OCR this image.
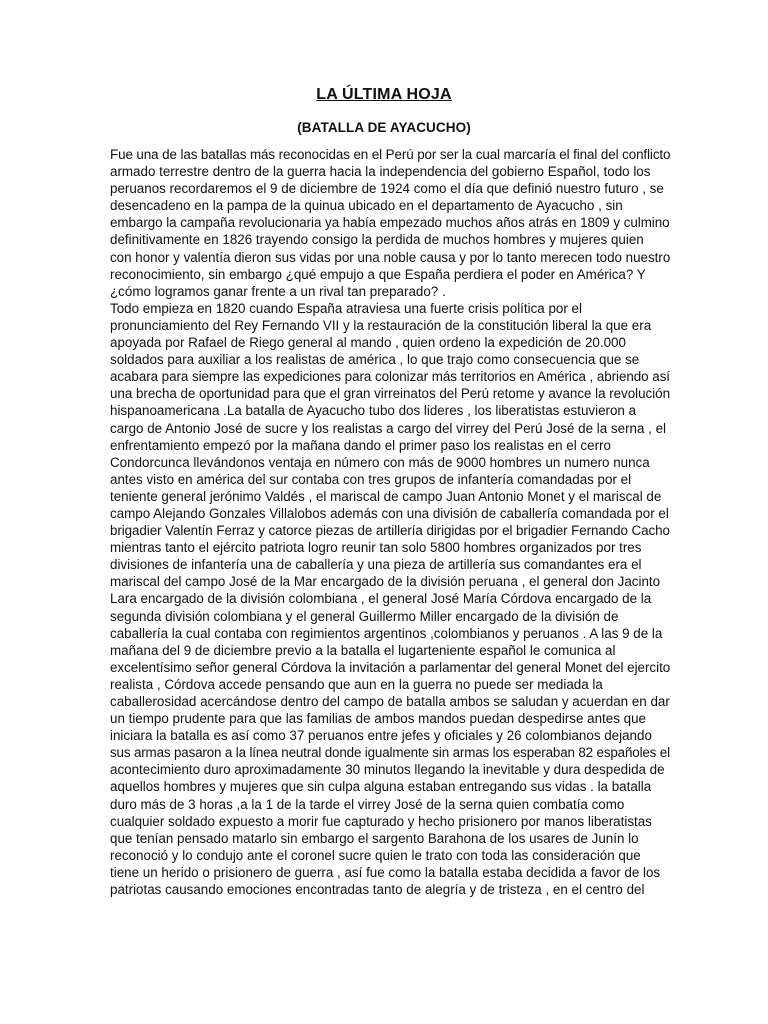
LA ÚLTIMA HOJA
(BATALLA DE AYACUCHO)
Fue una de las batallas más reconocidas en el Perú por ser la cual marcaría el final del conflicto
armado terrestre dentro de la guerra hacia la independencia del gobierno Español, todo los
peruanos recordaremos el 9 de diciembre de 1924 como el día que definió nuestro futuro , se
desencadeno en la pampa de la quinua ubicado en el departamento de Ayacucho , sin
embargo la campaña revolucionaria ya había empezado muchos años atrás en 1809 y culmino
definitivamente en 1826 trayendo consigo la perdida de muchos hombres y mujeres quien
con honor y valentía dieron sus vidas por una noble causa y por lo tanto merecen todo nuestro
reconocimiento, sin embargo ¿qué empujo a que España perdiera el poder en América? Y
¿cómo logramos ganar frente a un rival tan preparado? .
Todo empieza en 1820 cuando España atraviesa una fuerte crisis política por el
pronunciamiento del Rey Fernando VII y la restauración de la constitución liberal la que era
apoyada por Rafael de Riego general al mando , quien ordeno la expedición de 20.000
soldados para auxiliar a los realistas de américa , lo que trajo como consecuencia que se
acabara para siempre las expediciones para colonizar más territorios en América , abriendo así
una brecha de oportunidad para que el gran virreinatos del Perú retome y avance la revolución
hispanoamericana .La batalla de Ayacucho tubo dos lideres , los liberatistas estuvieron a
cargo de Antonio José de sucre y los realistas a cargo del virrey del Perú José de la serna , el
enfrentamiento empezó por la mañana dando el primer paso los realistas en el cerro
Condorcunca llevándonos ventaja en número con más de 9000 hombres un numero nunca
antes visto en américa del sur contaba con tres grupos de infantería comandadas por el
teniente general jerónimo Valdés , el mariscal de campo Juan Antonio Monet y el mariscal de
campo Alejando Gonzales Villalobos además con una división de caballería comandada por el
brigadier Valentín Ferraz y catorce piezas de artillería dirigidas por el brigadier Fernando Cacho
mientras tanto el ejército patriota logro reunir tan solo 5800 hombres organizados por tres
divisiones de infantería una de caballería y una pieza de artillería sus comandantes era el
mariscal del campo José de la Mar encargado de la división peruana , el general don Jacinto
Lara encargado de la división colombiana , el general José María Córdova encargado de la
segunda división colombiana y el general Guillermo Miller encargado de la división de
caballería la cual contaba con regimientos argentinos ,colombianos y peruanos . A las 9 de la
mañana del 9 de diciembre previo a la batalla el lugarteniente español le comunica al
excelentísimo señor general Córdova la invitación a parlamentar del general Monet del ejercito
realista , Córdova accede pensando que aun en la guerra no puede ser mediada la
caballerosidad acercándose dentro del campo de batalla ambos se saludan y acuerdan en dar
un tiempo prudente para que las familias de ambos mandos puedan despedirse antes que
iniciara la batalla es así como 37 peruanos entre jefes y oficiales y 26 colombianos dejando
sus armas pasaron a la línea neutral donde igualmente sin armas los esperaban 82 españoles el
acontecimiento duro aproximadamente 30 minutos llegando la inevitable y dura despedida de
aquellos hombres y mujeres que sin culpa alguna estaban entregando sus vidas . la batalla
duro más de 3 horas ,a la 1 de la tarde el virrey José de la serna quien combatía como
cualquier soldado expuesto a morir fue capturado y hecho prisionero por manos liberatistas
que tenían pensado matarlo sin embargo el sargento Barahona de los usares de Junín lo
reconoció y lo condujo ante el coronel sucre quien le trato con toda las consideración que
tiene un herido o prisionero de guerra , así fue como la batalla estaba decidida a favor de los
patriotas causando emociones encontradas tanto de alegría y de tristeza , en el centro del
